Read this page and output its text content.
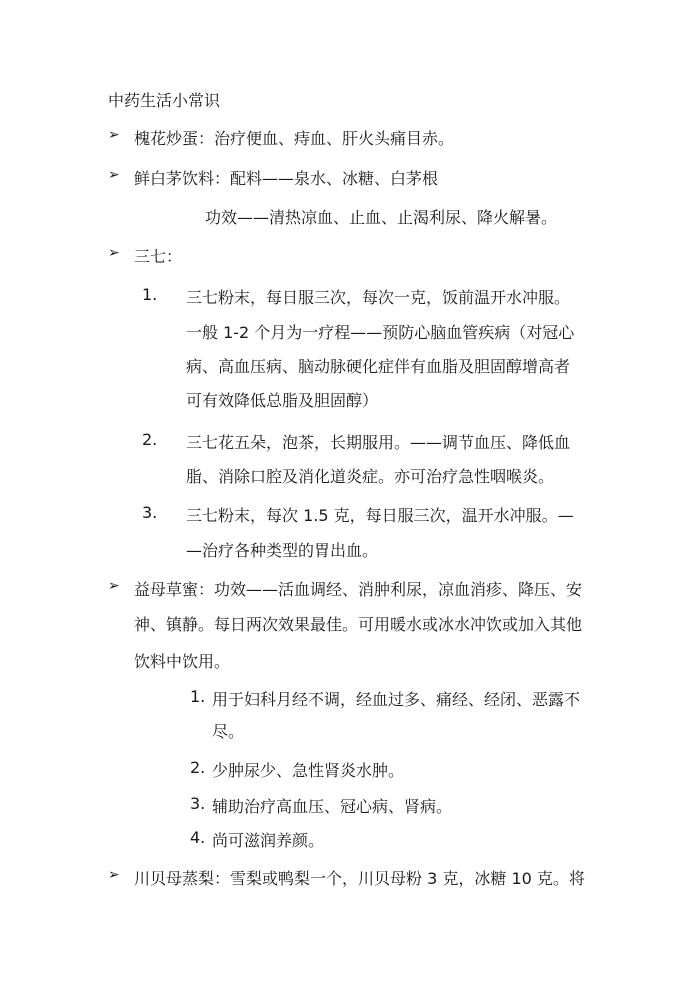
中药生活小常识
➢ 槐花炒蛋：治疗便血、痔血、肝火头痛目赤。
➢ 鲜白茅饮料：配料——泉水、冰糖、白茅根
功效——清热凉血、止血、止渴利尿、降火解暑。
➢ 三七：
1. 三七粉末，每日服三次，每次一克，饭前温开水冲服。
一般 1-2 个月为一疗程——预防心脑血管疾病（对冠心
病、高血压病、脑动脉硬化症伴有血脂及胆固醇增高者
可有效降低总脂及胆固醇）
2. 三七花五朵，泡茶，长期服用。——调节血压、降低血
脂、消除口腔及消化道炎症。亦可治疗急性咽喉炎。
3. 三七粉末，每次 1.5 克，每日服三次，温开水冲服。—
—治疗各种类型的胃出血。
➢ 益母草蜜：功效——活血调经、消肿利尿，凉血消疹、降压、安
神、镇静。每日两次效果最佳。可用暖水或冰水冲饮或加入其他
饮料中饮用。
1. 用于妇科月经不调，经血过多、痛经、经闭、恶露不
尽。
2. 少肿尿少、急性肾炎水肿。
3. 辅助治疗高血压、冠心病、肾病。
4. 尚可滋润养颜。
➢ 川贝母蒸梨：雪梨或鸭梨一个，川贝母粉 3 克，冰糖 10 克。将
